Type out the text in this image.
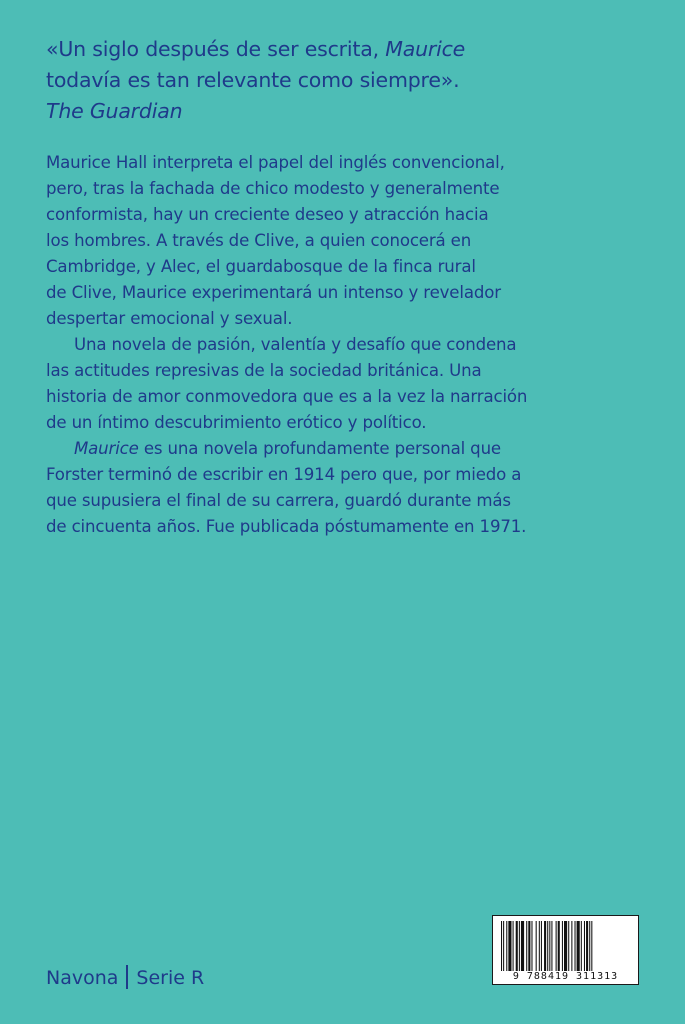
«Un siglo después de ser escrita, Maurice
todavía es tan relevante como siempre».
The Guardian
Maurice Hall interpreta el papel del inglés convencional,
pero, tras la fachada de chico modesto y generalmente
conformista, hay un creciente deseo y atracción hacia
los hombres. A través de Clive, a quien conocerá en
Cambridge, y Alec, el guardabosque de la finca rural
de Clive, Maurice experimentará un intenso y revelador
despertar emocional y sexual.
Una novela de pasión, valentía y desafío que condena
las actitudes represivas de la sociedad británica. Una
historia de amor conmovedora que es a la vez la narración
de un íntimo descubrimiento erótico y político.
Maurice es una novela profundamente personal que
Forster terminó de escribir en 1914 pero que, por miedo a
que supusiera el final de su carrera, guardó durante más
de cincuenta años. Fue publicada póstumamente en 1971.
Navona Serie R	9 788419 311313
